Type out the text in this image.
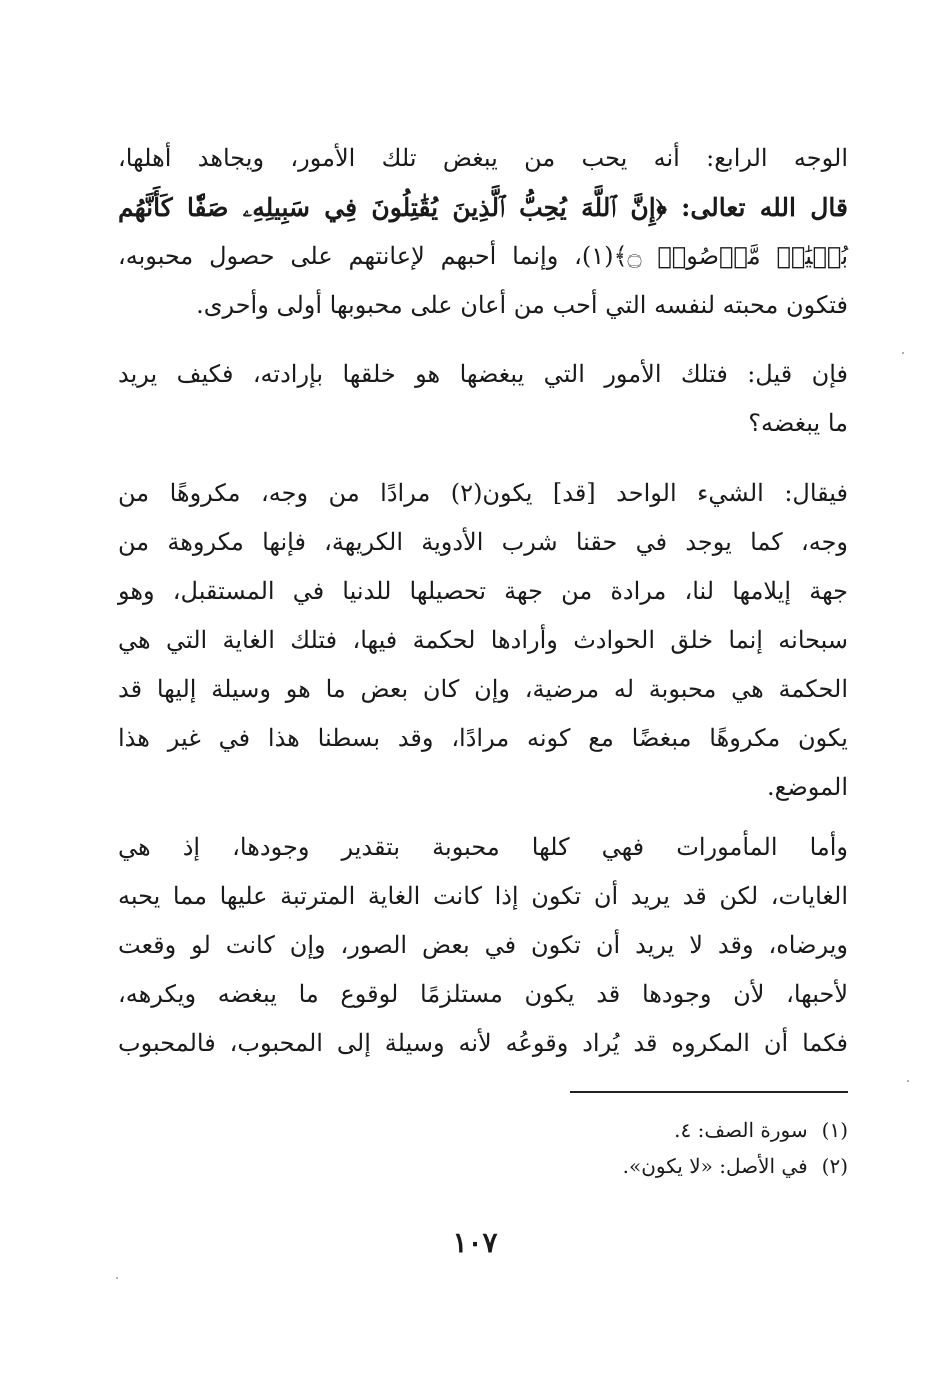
الوجه الرابع: أنه يحب من يبغض تلك الأمور، ويجاهد أهلها،
قال الله تعالى: ﴿إِنَّ ٱللَّهَ يُحِبُّ ٱلَّذِينَ يُقَٰتِلُونَ فِي سَبِيلِهِۦ صَفّٗا كَأَنَّهُم
بُنۡيَٰنٞ مَّرۡصُوصٞ ۝﴾(١)، وإنما أحبهم لإعانتهم على حصول محبوبه،
فتكون محبته لنفسه التي أحب من أعان على محبوبها أولى وأحرى.
فإن قيل: فتلك الأمور التي يبغضها هو خلقها بإرادته، فكيف يريد
ما يبغضه؟
فيقال: الشيء الواحد [قد] يكون(٢) مرادًا من وجه، مكروهًا من
وجه، كما يوجد في حقنا شرب الأدوية الكريهة، فإنها مكروهة من
جهة إيلامها لنا، مرادة من جهة تحصيلها للدنيا في المستقبل، وهو
سبحانه إنما خلق الحوادث وأرادها لحكمة فيها، فتلك الغاية التي هي
الحكمة هي محبوبة له مرضية، وإن كان بعض ما هو وسيلة إليها قد
يكون مكروهًا مبغضًا مع كونه مرادًا، وقد بسطنا هذا في غير هذا
الموضع.
وأما المأمورات فهي كلها محبوبة بتقدير وجودها، إذ هي
الغايات، لكن قد يريد أن تكون إذا كانت الغاية المترتبة عليها مما يحبه
ويرضاه، وقد لا يريد أن تكون في بعض الصور، وإن كانت لو وقعت
لأحبها، لأن وجودها قد يكون مستلزمًا لوقوع ما يبغضه ويكرهه،
فكما أن المكروه قد يُراد وقوعُه لأنه وسيلة إلى المحبوب، فالمحبوب
(١) سورة الصف: ٤.
(٢) في الأصل: «لا يكون».
١٠٧
